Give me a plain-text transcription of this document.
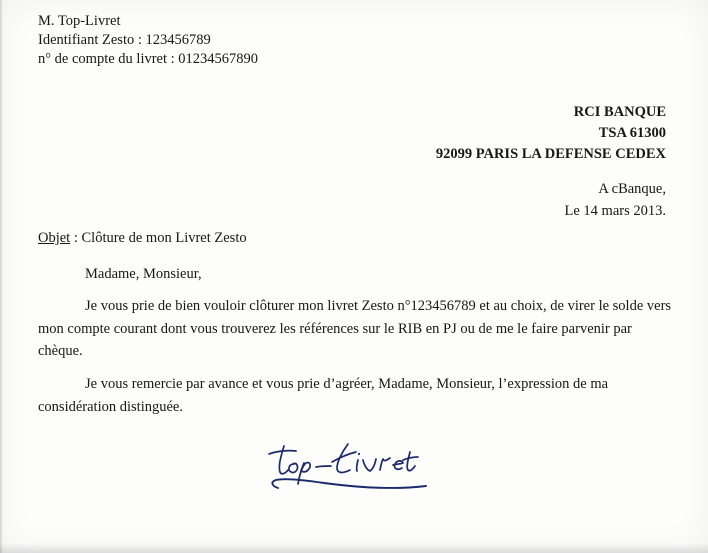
M. Top-Livret
Identifiant Zesto : 123456789
n° de compte du livret : 01234567890
RCI BANQUE
TSA 61300
92099 PARIS LA DEFENSE CEDEX
A cBanque,
Le 14 mars 2013.
Objet : Clôture de mon Livret Zesto
Madame, Monsieur,

Je vous prie de bien vouloir clôturer mon livret Zesto n°123456789 et au choix, de virer le solde vers mon compte courant dont vous trouverez les références sur le RIB en PJ ou de me le faire parvenir par chèque.

Je vous remercie par avance et vous prie d’agréer, Madame, Monsieur, l’expression de ma considération distinguée.
